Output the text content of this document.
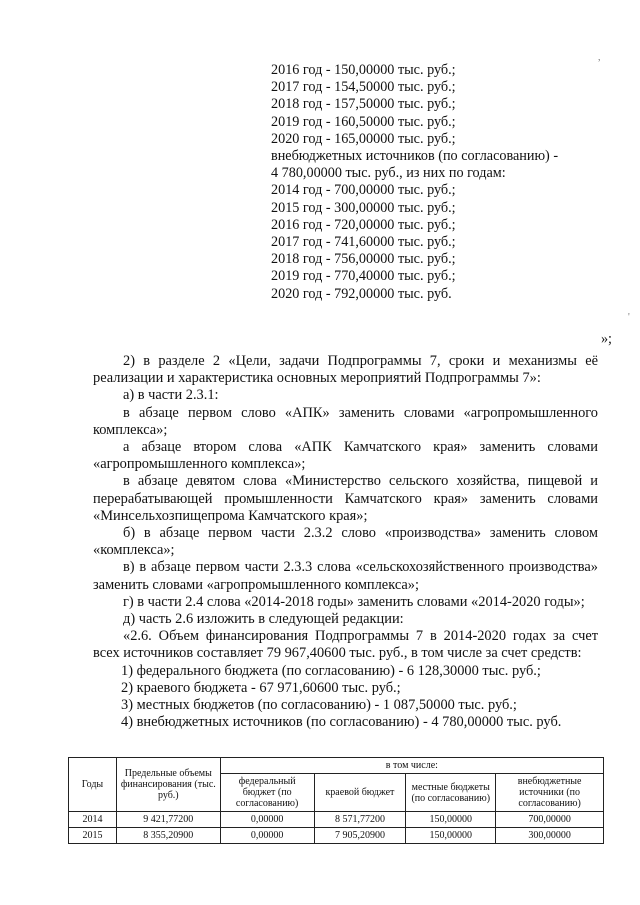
2016 год - 150,00000 тыс. руб.;
2017 год - 154,50000 тыс. руб.;
2018 год - 157,50000 тыс. руб.;
2019 год - 160,50000 тыс. руб.;
2020 год - 165,00000 тыс. руб.;
внебюджетных источников (по согласованию) -
4 780,00000 тыс. руб., из них по годам:
2014 год - 700,00000 тыс. руб.;
2015 год - 300,00000 тыс. руб.;
2016 год - 720,00000 тыс. руб.;
2017 год - 741,60000 тыс. руб.;
2018 год - 756,00000 тыс. руб.;
2019 год - 770,40000 тыс. руб.;
2020 год - 792,00000 тыс. руб.
»;

2) в разделе 2 «Цели, задачи Подпрограммы 7, сроки и механизмы её реализации и характеристика основных мероприятий Подпрограммы 7»:

а) в части 2.3.1:

в абзаце первом слово «АПК» заменить словами «агропромышленного комплекса»;

а абзаце втором слова «АПК Камчатского края» заменить словами «агропромышленного комплекса»;

в абзаце девятом слова «Министерство сельского хозяйства, пищевой и перерабатывающей промышленности Камчатского края» заменить словами «Минсельхозпищепрома Камчатского края»;

б) в абзаце первом части 2.3.2 слово «производства» заменить словом «комплекса»;

в) в абзаце первом части 2.3.3 слова «сельскохозяйственного производства» заменить словами «агропромышленного комплекса»;

г) в части 2.4 слова «2014-2018 годы» заменить словами «2014-2020 годы»;

д) часть 2.6 изложить в следующей редакции:

«2.6. Объем финансирования Подпрограммы 7 в 2014-2020 годах за счет всех источников составляет 79 967,40600 тыс. руб., в том числе за счет средств:

1) федерального бюджета (по согласованию) - 6 128,30000 тыс. руб.;

2) краевого бюджета - 67 971,60600 тыс. руб.;

3) местных бюджетов (по согласованию) - 1 087,50000 тыс. руб.;

4) внебюджетных источников (по согласованию) - 4 780,00000 тыс. руб.

Годы	Предельные объемы финансирования (тыс. руб.)	в том числе:			
		федеральный бюджет (по согласованию)	краевой бюджет	местные бюджеты (по согласованию)	внебюджетные источники (по согласованию)
2014	9 421,77200	0,00000	8 571,77200	150,00000	700,00000
2015	8 355,20900	0,00000	7 905,20900	150,00000	300,00000
,
'
